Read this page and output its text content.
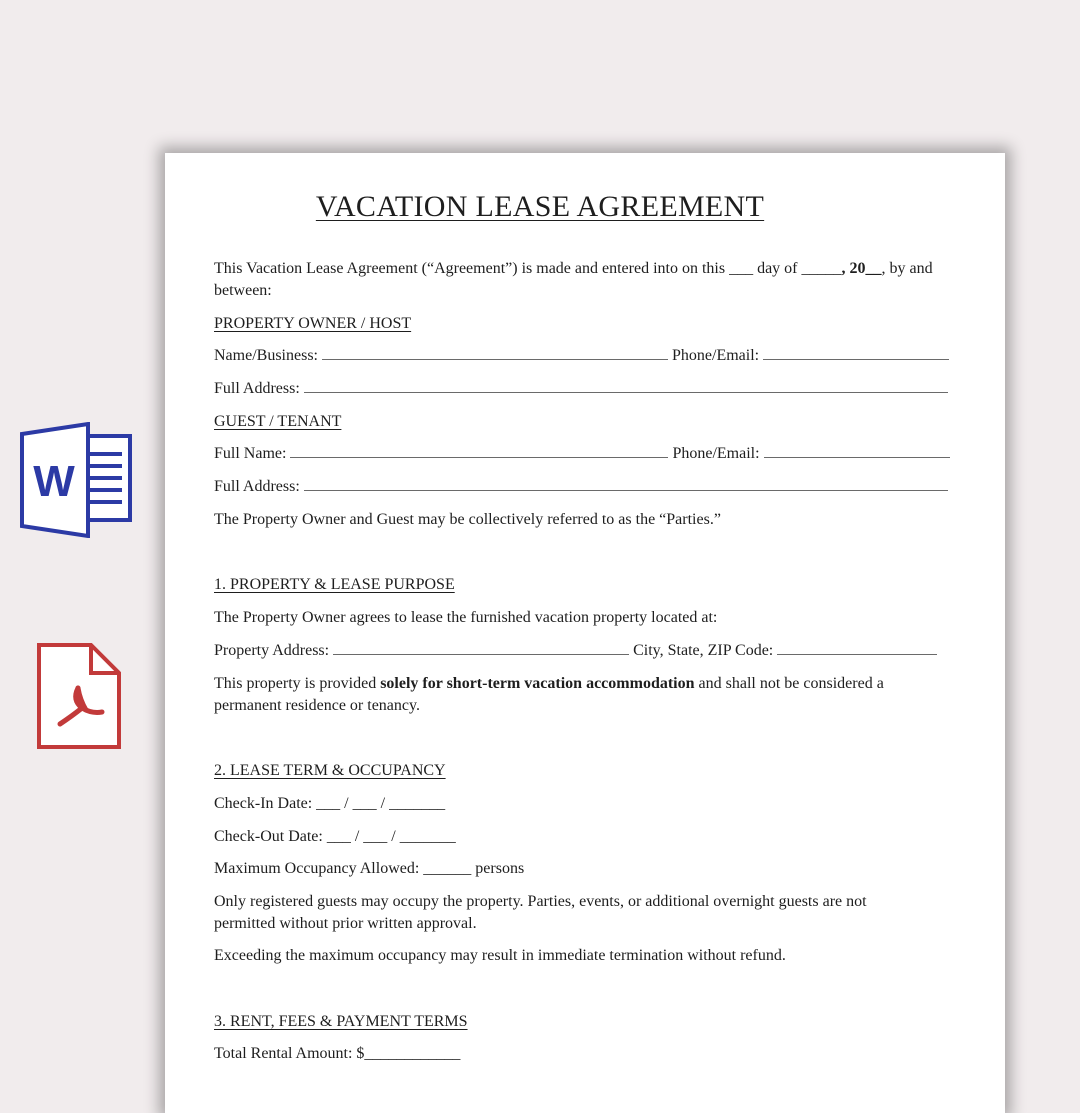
W
VACATION LEASE AGREEMENT
This Vacation Lease Agreement (“Agreement”) is made and entered into on this ___ day of _____, 20__, by and
between:
PROPERTY OWNER / HOST
Name/Business:	Phone/Email:
Full Address:
GUEST / TENANT
Full Name:	Phone/Email:
Full Address:
The Property Owner and Guest may be collectively referred to as the “Parties.”
1. PROPERTY & LEASE PURPOSE
The Property Owner agrees to lease the furnished vacation property located at:
Property Address:	City, State, ZIP Code:
This property is provided solely for short-term vacation accommodation and shall not be considered a
permanent residence or tenancy.
2. LEASE TERM & OCCUPANCY
Check-In Date: ___ / ___ / _______
Check-Out Date: ___ / ___ / _______
Maximum Occupancy Allowed: ______ persons
Only registered guests may occupy the property. Parties, events, or additional overnight guests are not
permitted without prior written approval.
Exceeding the maximum occupancy may result in immediate termination without refund.
3. RENT, FEES & PAYMENT TERMS
Total Rental Amount: $____________
